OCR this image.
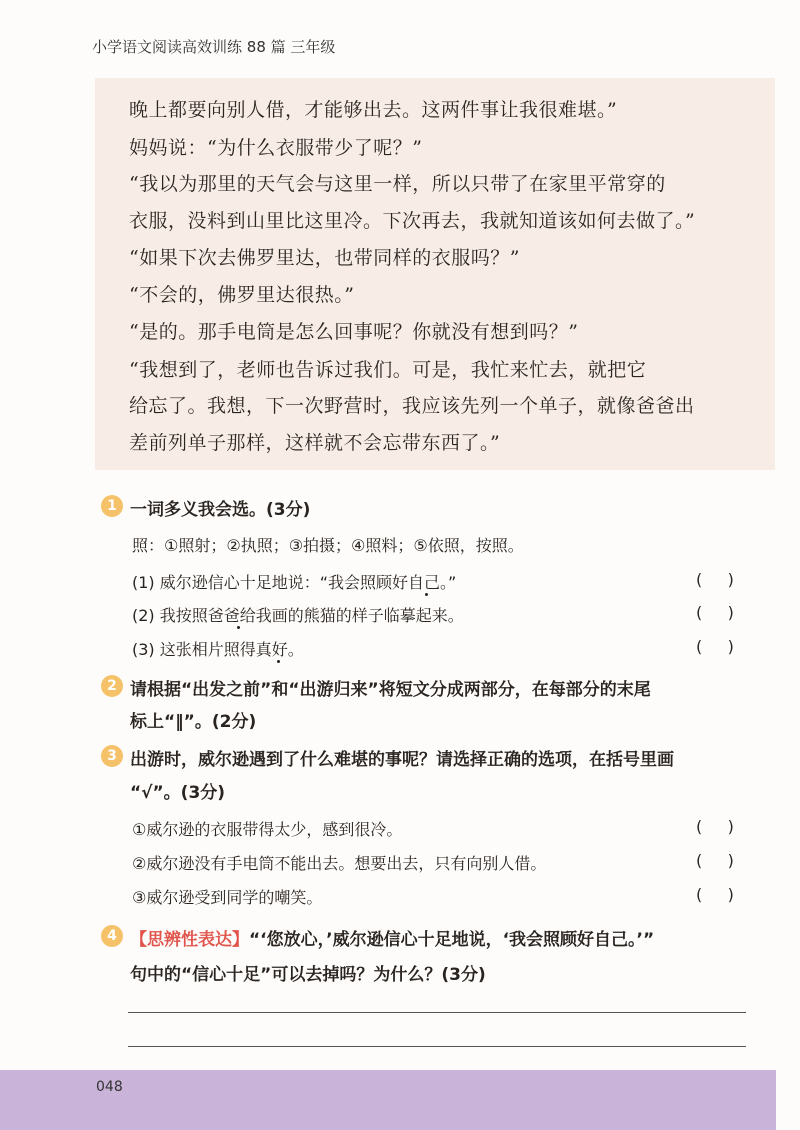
小学语文阅读高效训练 88 篇 三年级
晚上都要向别人借，才能够出去。这两件事让我很难堪。”
妈妈说：“为什么衣服带少了呢？”
“我以为那里的天气会与这里一样，所以只带了在家里平常穿的
衣服，没料到山里比这里冷。下次再去，我就知道该如何去做了。”
“如果下次去佛罗里达，也带同样的衣服吗？”
“不会的，佛罗里达很热。”
“是的。那手电筒是怎么回事呢？你就没有想到吗？”
“我想到了，老师也告诉过我们。可是，我忙来忙去，就把它
给忘了。我想，下一次野营时，我应该先列一个单子，就像爸爸出
差前列单子那样，这样就不会忘带东西了。”
1 一词多义我会选。(3分)
照：①照射；②执照；③拍摄；④照料；⑤依照，按照。
(1) 威尔逊信心十足地说：“我会照顾好自己。”	(     )
(2) 我按照爸爸给我画的熊猫的样子临摹起来。	(     )
(3) 这张相片照得真好。	(     )
2 请根据“出发之前”和“出游归来”将短文分成两部分，在每部分的末尾
标上“‖”。(2分)
3 出游时，威尔逊遇到了什么难堪的事呢？请选择正确的选项，在括号里画
“√”。(3分)
①威尔逊的衣服带得太少，感到很冷。	(     )
②威尔逊没有手电筒不能出去。想要出去，只有向别人借。	(     )
③威尔逊受到同学的嘲笑。	(     )
4 【思辨性表达】“‘您放心，’威尔逊信心十足地说，‘我会照顾好自己。’”
句中的“信心十足”可以去掉吗？为什么？(3分)
048
